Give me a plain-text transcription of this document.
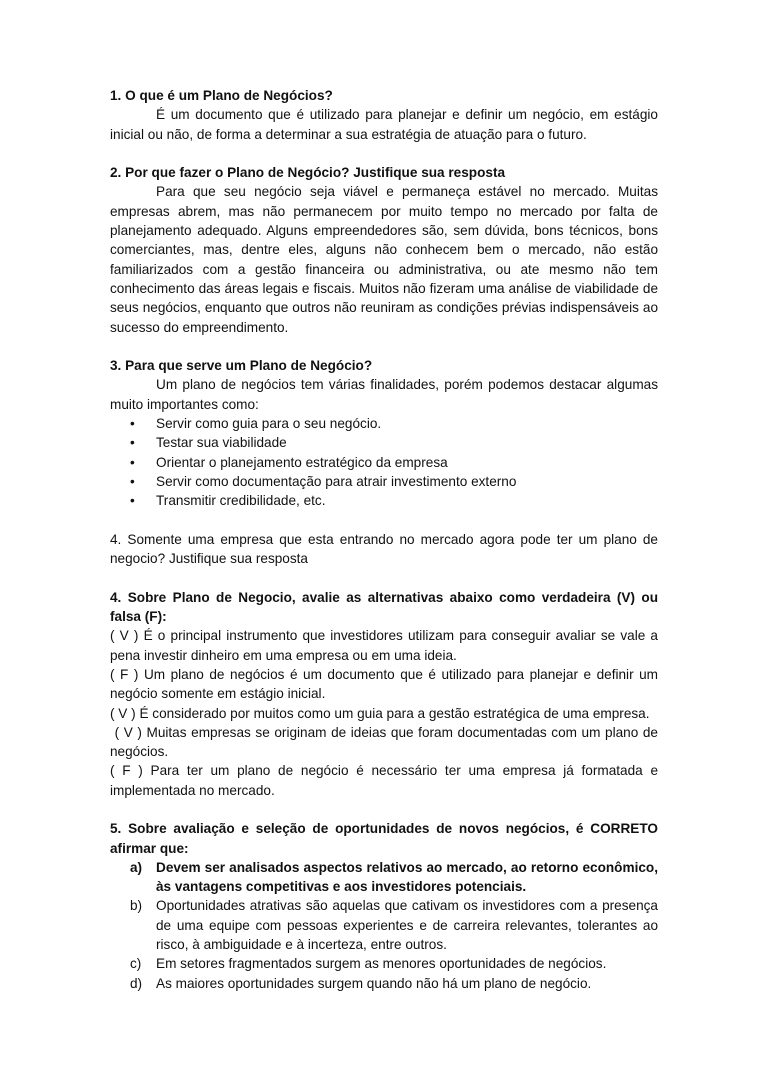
1. O que é um Plano de Negócios?

É um documento que é utilizado para planejar e definir um negócio, em estágio inicial ou não, de forma a determinar a sua estratégia de atuação para o futuro.

2. Por que fazer o Plano de Negócio? Justifique sua resposta

Para que seu negócio seja viável e permaneça estável no mercado. Muitas empresas abrem, mas não permanecem por muito tempo no mercado por falta de planejamento adequado. Alguns empreendedores são, sem dúvida, bons técnicos, bons comerciantes, mas, dentre eles, alguns não conhecem bem o mercado, não estão familiarizados com a gestão financeira ou administrativa, ou ate mesmo não tem conhecimento das áreas legais e fiscais. Muitos não fizeram uma análise de viabilidade de seus negócios, enquanto que outros não reuniram as condições prévias indispensáveis ao sucesso do empreendimento.

3. Para que serve um Plano de Negócio?

Um plano de negócios tem várias finalidades, porém podemos destacar algumas muito importantes como:

• Servir como guia para o seu negócio.
• Testar sua viabilidade
• Orientar o planejamento estratégico da empresa
• Servir como documentação para atrair investimento externo
• Transmitir credibilidade, etc.

4. Somente uma empresa que esta entrando no mercado agora pode ter um plano de negocio? Justifique sua resposta

4. Sobre Plano de Negocio, avalie as alternativas abaixo como verdadeira (V) ou falsa (F):

( V ) É o principal instrumento que investidores utilizam para conseguir avaliar se vale a pena investir dinheiro em uma empresa ou em uma ideia.

( F ) Um plano de negócios é um documento que é utilizado para planejar e definir um negócio somente em estágio inicial.

( V ) É considerado por muitos como um guia para a gestão estratégica de uma empresa.

( V ) Muitas empresas se originam de ideias que foram documentadas com um plano de negócios.

( F ) Para ter um plano de negócio é necessário ter uma empresa já formatada e implementada no mercado.

5. Sobre avaliação e seleção de oportunidades de novos negócios, é CORRETO afirmar que:

a) Devem ser analisados aspectos relativos ao mercado, ao retorno econômico, às vantagens competitivas e aos investidores potenciais.
b) Oportunidades atrativas são aquelas que cativam os investidores com a presença de uma equipe com pessoas experientes e de carreira relevantes, tolerantes ao risco, à ambiguidade e à incerteza, entre outros.
c) Em setores fragmentados surgem as menores oportunidades de negócios.
d) As maiores oportunidades surgem quando não há um plano de negócio.
